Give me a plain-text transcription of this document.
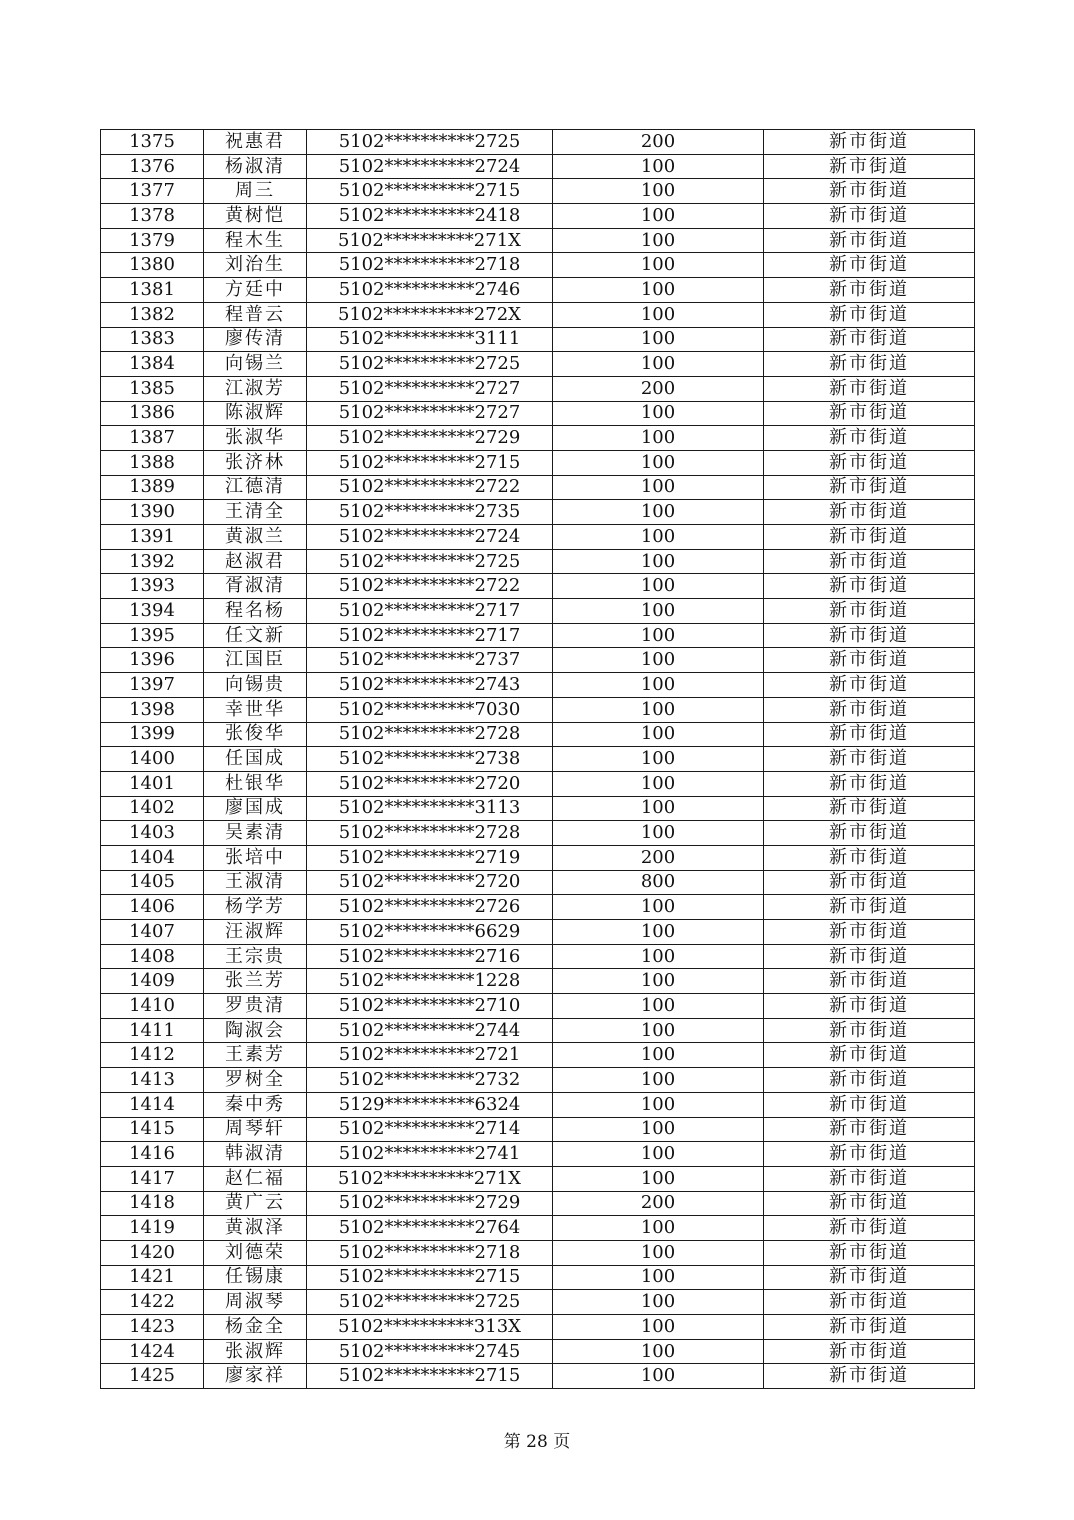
1375	祝惠君	5102**********2725	200	新市街道
1376	杨淑清	5102**********2724	100	新市街道
1377	周三	5102**********2715	100	新市街道
1378	黄树恺	5102**********2418	100	新市街道
1379	程木生	5102**********271X	100	新市街道
1380	刘治生	5102**********2718	100	新市街道
1381	方廷中	5102**********2746	100	新市街道
1382	程普云	5102**********272X	100	新市街道
1383	廖传清	5102**********3111	100	新市街道
1384	向锡兰	5102**********2725	100	新市街道
1385	江淑芳	5102**********2727	200	新市街道
1386	陈淑辉	5102**********2727	100	新市街道
1387	张淑华	5102**********2729	100	新市街道
1388	张济林	5102**********2715	100	新市街道
1389	江德清	5102**********2722	100	新市街道
1390	王清全	5102**********2735	100	新市街道
1391	黄淑兰	5102**********2724	100	新市街道
1392	赵淑君	5102**********2725	100	新市街道
1393	胥淑清	5102**********2722	100	新市街道
1394	程名杨	5102**********2717	100	新市街道
1395	任文新	5102**********2717	100	新市街道
1396	江国臣	5102**********2737	100	新市街道
1397	向锡贵	5102**********2743	100	新市街道
1398	幸世华	5102**********7030	100	新市街道
1399	张俊华	5102**********2728	100	新市街道
1400	任国成	5102**********2738	100	新市街道
1401	杜银华	5102**********2720	100	新市街道
1402	廖国成	5102**********3113	100	新市街道
1403	吴素清	5102**********2728	100	新市街道
1404	张培中	5102**********2719	200	新市街道
1405	王淑清	5102**********2720	800	新市街道
1406	杨学芳	5102**********2726	100	新市街道
1407	汪淑辉	5102**********6629	100	新市街道
1408	王宗贵	5102**********2716	100	新市街道
1409	张兰芳	5102**********1228	100	新市街道
1410	罗贵清	5102**********2710	100	新市街道
1411	陶淑会	5102**********2744	100	新市街道
1412	王素芳	5102**********2721	100	新市街道
1413	罗树全	5102**********2732	100	新市街道
1414	秦中秀	5129**********6324	100	新市街道
1415	周琴轩	5102**********2714	100	新市街道
1416	韩淑清	5102**********2741	100	新市街道
1417	赵仁福	5102**********271X	100	新市街道
1418	黄广云	5102**********2729	200	新市街道
1419	黄淑泽	5102**********2764	100	新市街道
1420	刘德荣	5102**********2718	100	新市街道
1421	任锡康	5102**********2715	100	新市街道
1422	周淑琴	5102**********2725	100	新市街道
1423	杨金全	5102**********313X	100	新市街道
1424	张淑辉	5102**********2745	100	新市街道
1425	廖家祥	5102**********2715	100	新市街道
第 28 页
